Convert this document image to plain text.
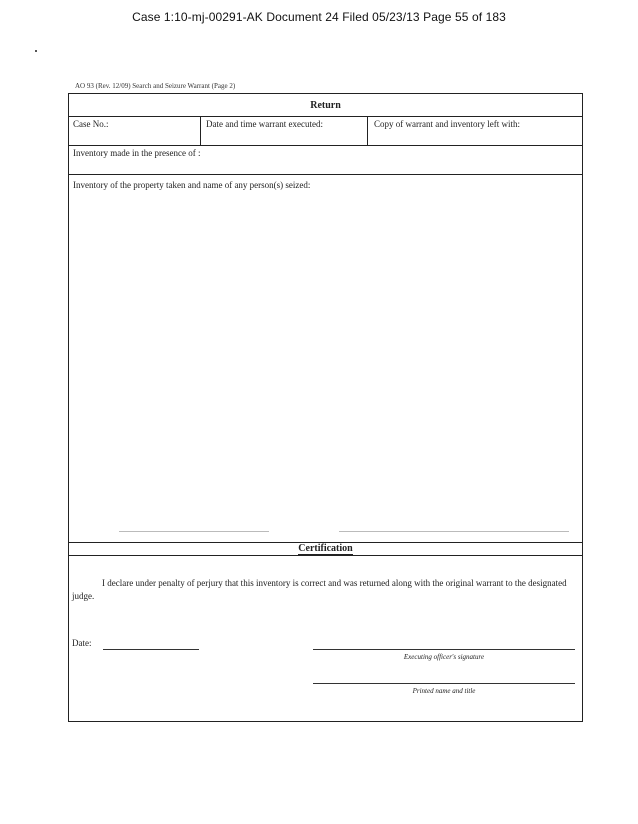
Case 1:10-mj-00291-AK Document 24 Filed 05/23/13 Page 55 of 183
AO 93 (Rev. 12/09) Search and Seizure Warrant (Page 2)
Return
Case No.:	Date and time warrant executed:	Copy of warrant and inventory left with:
Inventory made in the presence of :
Inventory of the property taken and name of any person(s) seized:
Certification
I declare under penalty of perjury that this inventory is correct and was returned along with the original warrant to the designated judge.
Date:
Executing officer's signature
Printed name and title
